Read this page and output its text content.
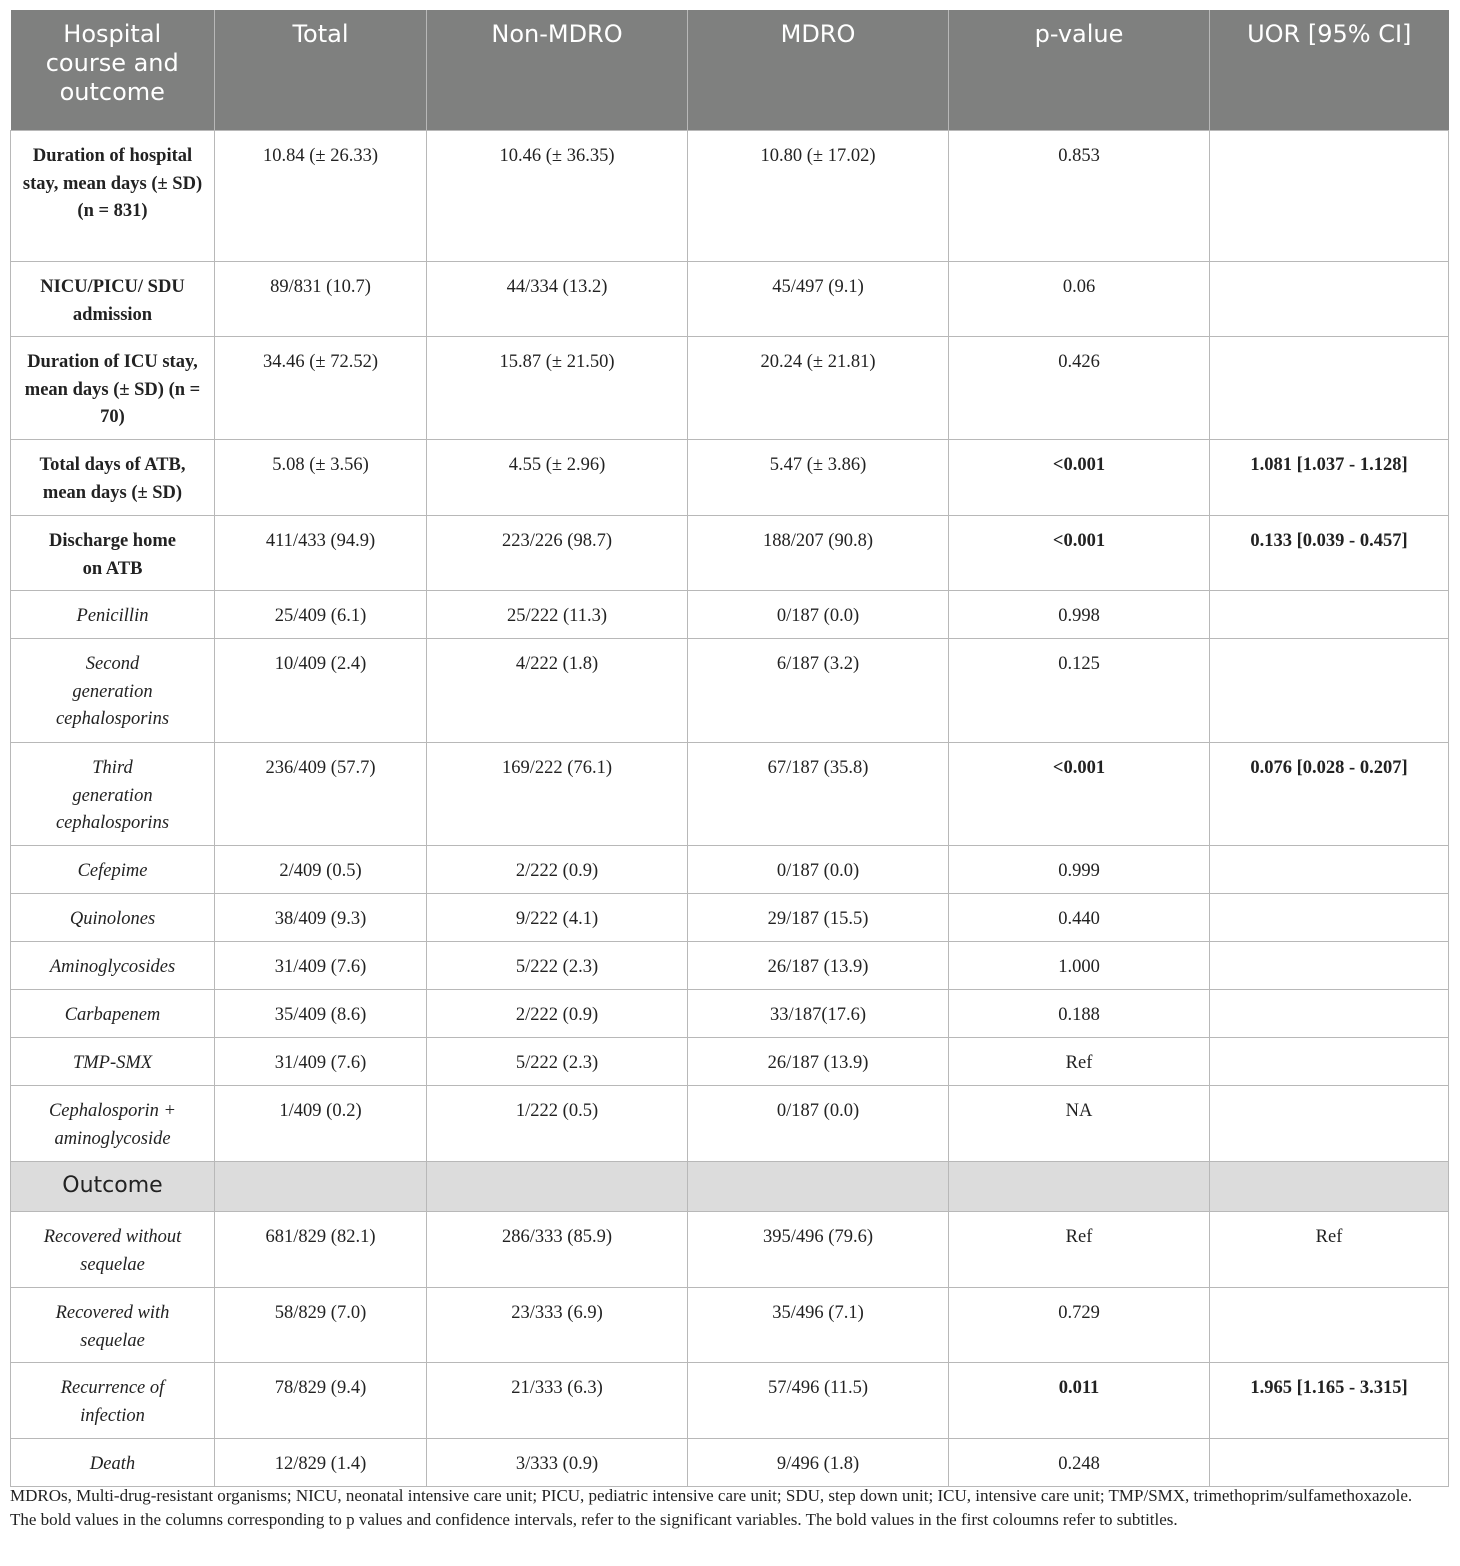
Hospital course and outcome	Total	Non-MDRO	MDRO	p-value	UOR [95% CI]
Duration of hospital stay, mean days (± SD) (n = 831)	10.84 (± 26.33)	10.46 (± 36.35)	10.80 (± 17.02)	0.853	
NICU/PICU/ SDU admission	89/831 (10.7)	44/334 (13.2)	45/497 (9.1)	0.06	
Duration of ICU stay, mean days (± SD) (n = 70)	34.46 (± 72.52)	15.87 (± 21.50)	20.24 (± 21.81)	0.426	
Total days of ATB, mean days (± SD)	5.08 (± 3.56)	4.55 (± 2.96)	5.47 (± 3.86)	<0.001	1.081 [1.037 - 1.128]
Discharge home on ATB	411/433 (94.9)	223/226 (98.7)	188/207 (90.8)	<0.001	0.133 [0.039 - 0.457]
Penicillin	25/409 (6.1)	25/222 (11.3)	0/187 (0.0)	0.998	
Second generation cephalosporins	10/409 (2.4)	4/222 (1.8)	6/187 (3.2)	0.125	
Third generation cephalosporins	236/409 (57.7)	169/222 (76.1)	67/187 (35.8)	<0.001	0.076 [0.028 - 0.207]
Cefepime	2/409 (0.5)	2/222 (0.9)	0/187 (0.0)	0.999	
Quinolones	38/409 (9.3)	9/222 (4.1)	29/187 (15.5)	0.440	
Aminoglycosides	31/409 (7.6)	5/222 (2.3)	26/187 (13.9)	1.000	
Carbapenem	35/409 (8.6)	2/222 (0.9)	33/187(17.6)	0.188	
TMP-SMX	31/409 (7.6)	5/222 (2.3)	26/187 (13.9)	Ref	
Cephalosporin + aminoglycoside	1/409 (0.2)	1/222 (0.5)	0/187 (0.0)	NA	
Outcome					
Recovered without sequelae	681/829 (82.1)	286/333 (85.9)	395/496 (79.6)	Ref	Ref
Recovered with sequelae	58/829 (7.0)	23/333 (6.9)	35/496 (7.1)	0.729	
Recurrence of infection	78/829 (9.4)	21/333 (6.3)	57/496 (11.5)	0.011	1.965 [1.165 - 3.315]
Death	12/829 (1.4)	3/333 (0.9)	9/496 (1.8)	0.248	

MDROs, Multi-drug-resistant organisms; NICU, neonatal intensive care unit; PICU, pediatric intensive care unit; SDU, step down unit; ICU, intensive care unit; TMP/SMX, trimethoprim/sulfamethoxazole.

The bold values in the columns corresponding to p values and confidence intervals, refer to the significant variables. The bold values in the first coloumns refer to subtitles.
